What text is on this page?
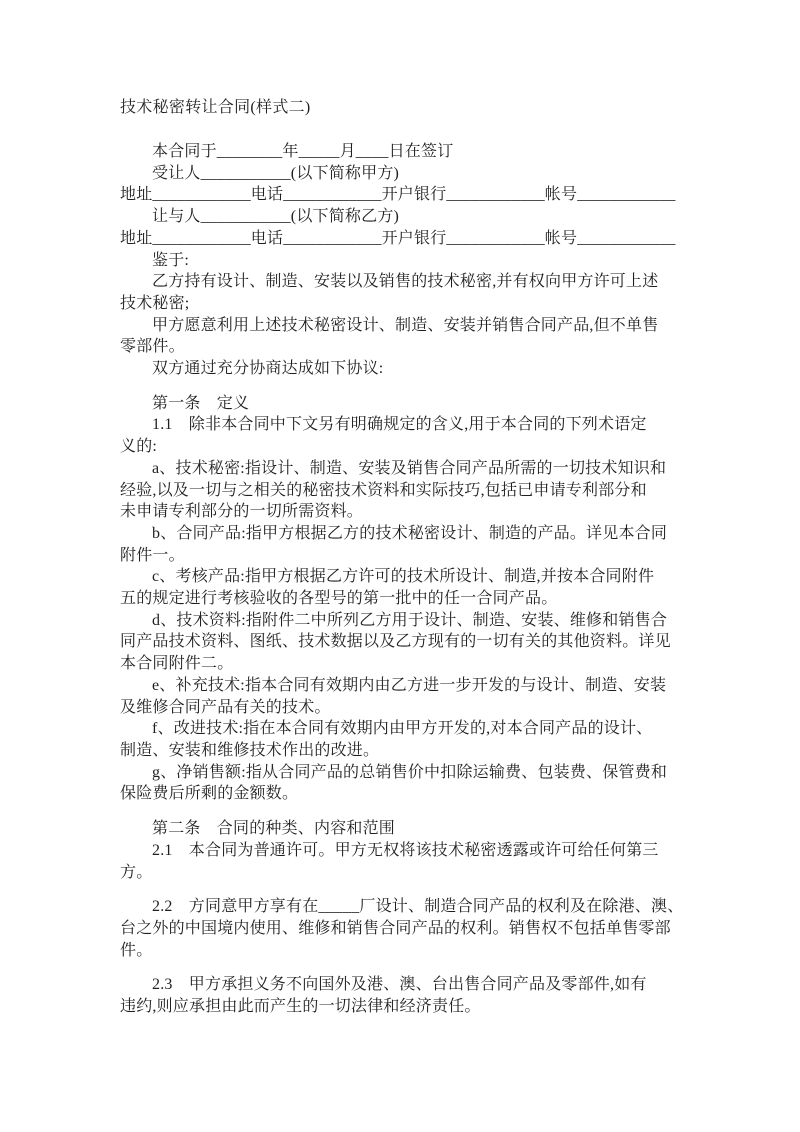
技术秘密转让合同(样式二)
本合同于________年_____月____日在签订
受让人___________(以下简称甲方)
地址____________电话____________开户银行____________帐号____________
让与人___________(以下简称乙方)
地址____________电话____________开户银行____________帐号____________
鉴于:
乙方持有设计、制造、安装以及销售的技术秘密,并有权向甲方许可上述
技术秘密;
甲方愿意利用上述技术秘密设计、制造、安装并销售合同产品,但不单售
零部件。
双方通过充分协商达成如下协议:
第一条　定义
1.1　除非本合同中下文另有明确规定的含义,用于本合同的下列术语定
义的:
a、技术秘密:指设计、制造、安装及销售合同产品所需的一切技术知识和
经验,以及一切与之相关的秘密技术资料和实际技巧,包括已申请专利部分和
未申请专利部分的一切所需资料。
b、合同产品:指甲方根据乙方的技术秘密设计、制造的产品。详见本合同
附件一。
c、考核产品:指甲方根据乙方许可的技术所设计、制造,并按本合同附件
五的规定进行考核验收的各型号的第一批中的任一合同产品。
d、技术资料:指附件二中所列乙方用于设计、制造、安装、维修和销售合
同产品技术资料、图纸、技术数据以及乙方现有的一切有关的其他资料。详见
本合同附件二。
e、补充技术:指本合同有效期内由乙方进一步开发的与设计、制造、安装
及维修合同产品有关的技术。
f、改进技术:指在本合同有效期内由甲方开发的,对本合同产品的设计、
制造、安装和维修技术作出的改进。
g、净销售额:指从合同产品的总销售价中扣除运输费、包装费、保管费和
保险费后所剩的金额数。
第二条　合同的种类、内容和范围
2.1　本合同为普通许可。甲方无权将该技术秘密透露或许可给任何第三
方。
2.2　方同意甲方享有在_____厂设计、制造合同产品的权利及在除港、澳、
台之外的中国境内使用、维修和销售合同产品的权利。销售权不包括单售零部
件。
2.3　甲方承担义务不向国外及港、澳、台出售合同产品及零部件,如有
违约,则应承担由此而产生的一切法律和经济责任。
